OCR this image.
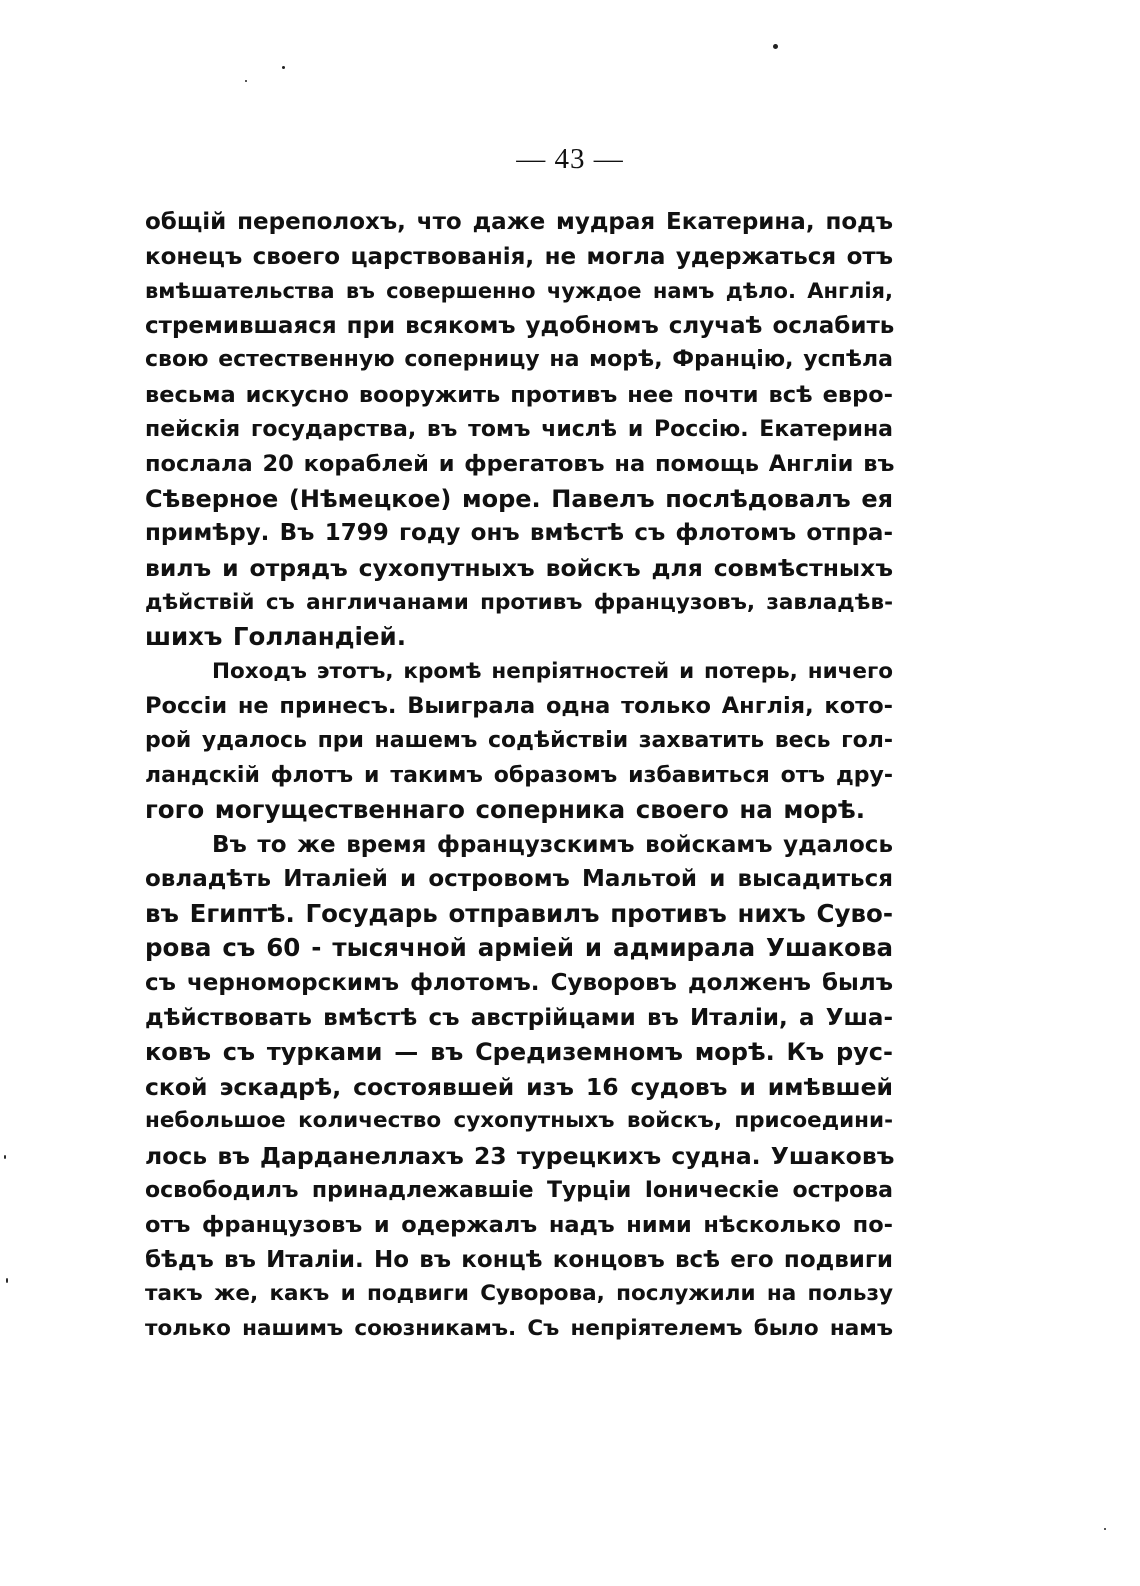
— 43 —
общій переполохъ, что даже мудрая Екатерина, подъ
конецъ своего царствованія, не могла удержаться отъ
вмѣшательства въ совершенно чуждое намъ дѣло. Англія,
стремившаяся при всякомъ удобномъ случаѣ ослабить
свою естественную соперницу на морѣ, Францію, успѣла
весьма искусно вооружить противъ нее почти всѣ евро-
пейскія государства, въ томъ числѣ и Россію. Екатерина
послала 20 кораблей и фрегатовъ на помощь Англіи въ
Сѣверное (Нѣмецкое) море. Павелъ послѣдовалъ ея
примѣру. Въ 1799 году онъ вмѣстѣ съ флотомъ отпра-
вилъ и отрядъ сухопутныхъ войскъ для совмѣстныхъ
дѣйствій съ англичанами противъ французовъ, завладѣв-
шихъ Голландіей.
Походъ этотъ, кромѣ непріятностей и потерь, ничего
Россіи не принесъ. Выиграла одна только Англія, кото-
рой удалось при нашемъ содѣйствіи захватить весь гол-
ландскій флотъ и такимъ образомъ избавиться отъ дру-
гого могущественнаго соперника своего на морѣ.
Въ то же время французскимъ войскамъ удалось
овладѣть Италіей и островомъ Мальтой и высадиться
въ Египтѣ. Государь отправилъ противъ нихъ Суво-
рова съ 60 - тысячной арміей и адмирала Ушакова
съ черноморскимъ флотомъ. Суворовъ долженъ былъ
дѣйствовать вмѣстѣ съ австрійцами въ Италіи, а Уша-
ковъ съ турками — въ Средиземномъ морѣ. Къ рус-
ской эскадрѣ, состоявшей изъ 16 судовъ и имѣвшей
небольшое количество сухопутныхъ войскъ, присоедини-
лось въ Дарданеллахъ 23 турецкихъ судна. Ушаковъ
освободилъ принадлежавшіе Турціи Іоническіе острова
отъ французовъ и одержалъ надъ ними нѣсколько по-
бѣдъ въ Италіи. Но въ концѣ концовъ всѣ его подвиги
такъ же, какъ и подвиги Суворова, послужили на пользу
только нашимъ союзникамъ. Съ непріятелемъ было намъ
